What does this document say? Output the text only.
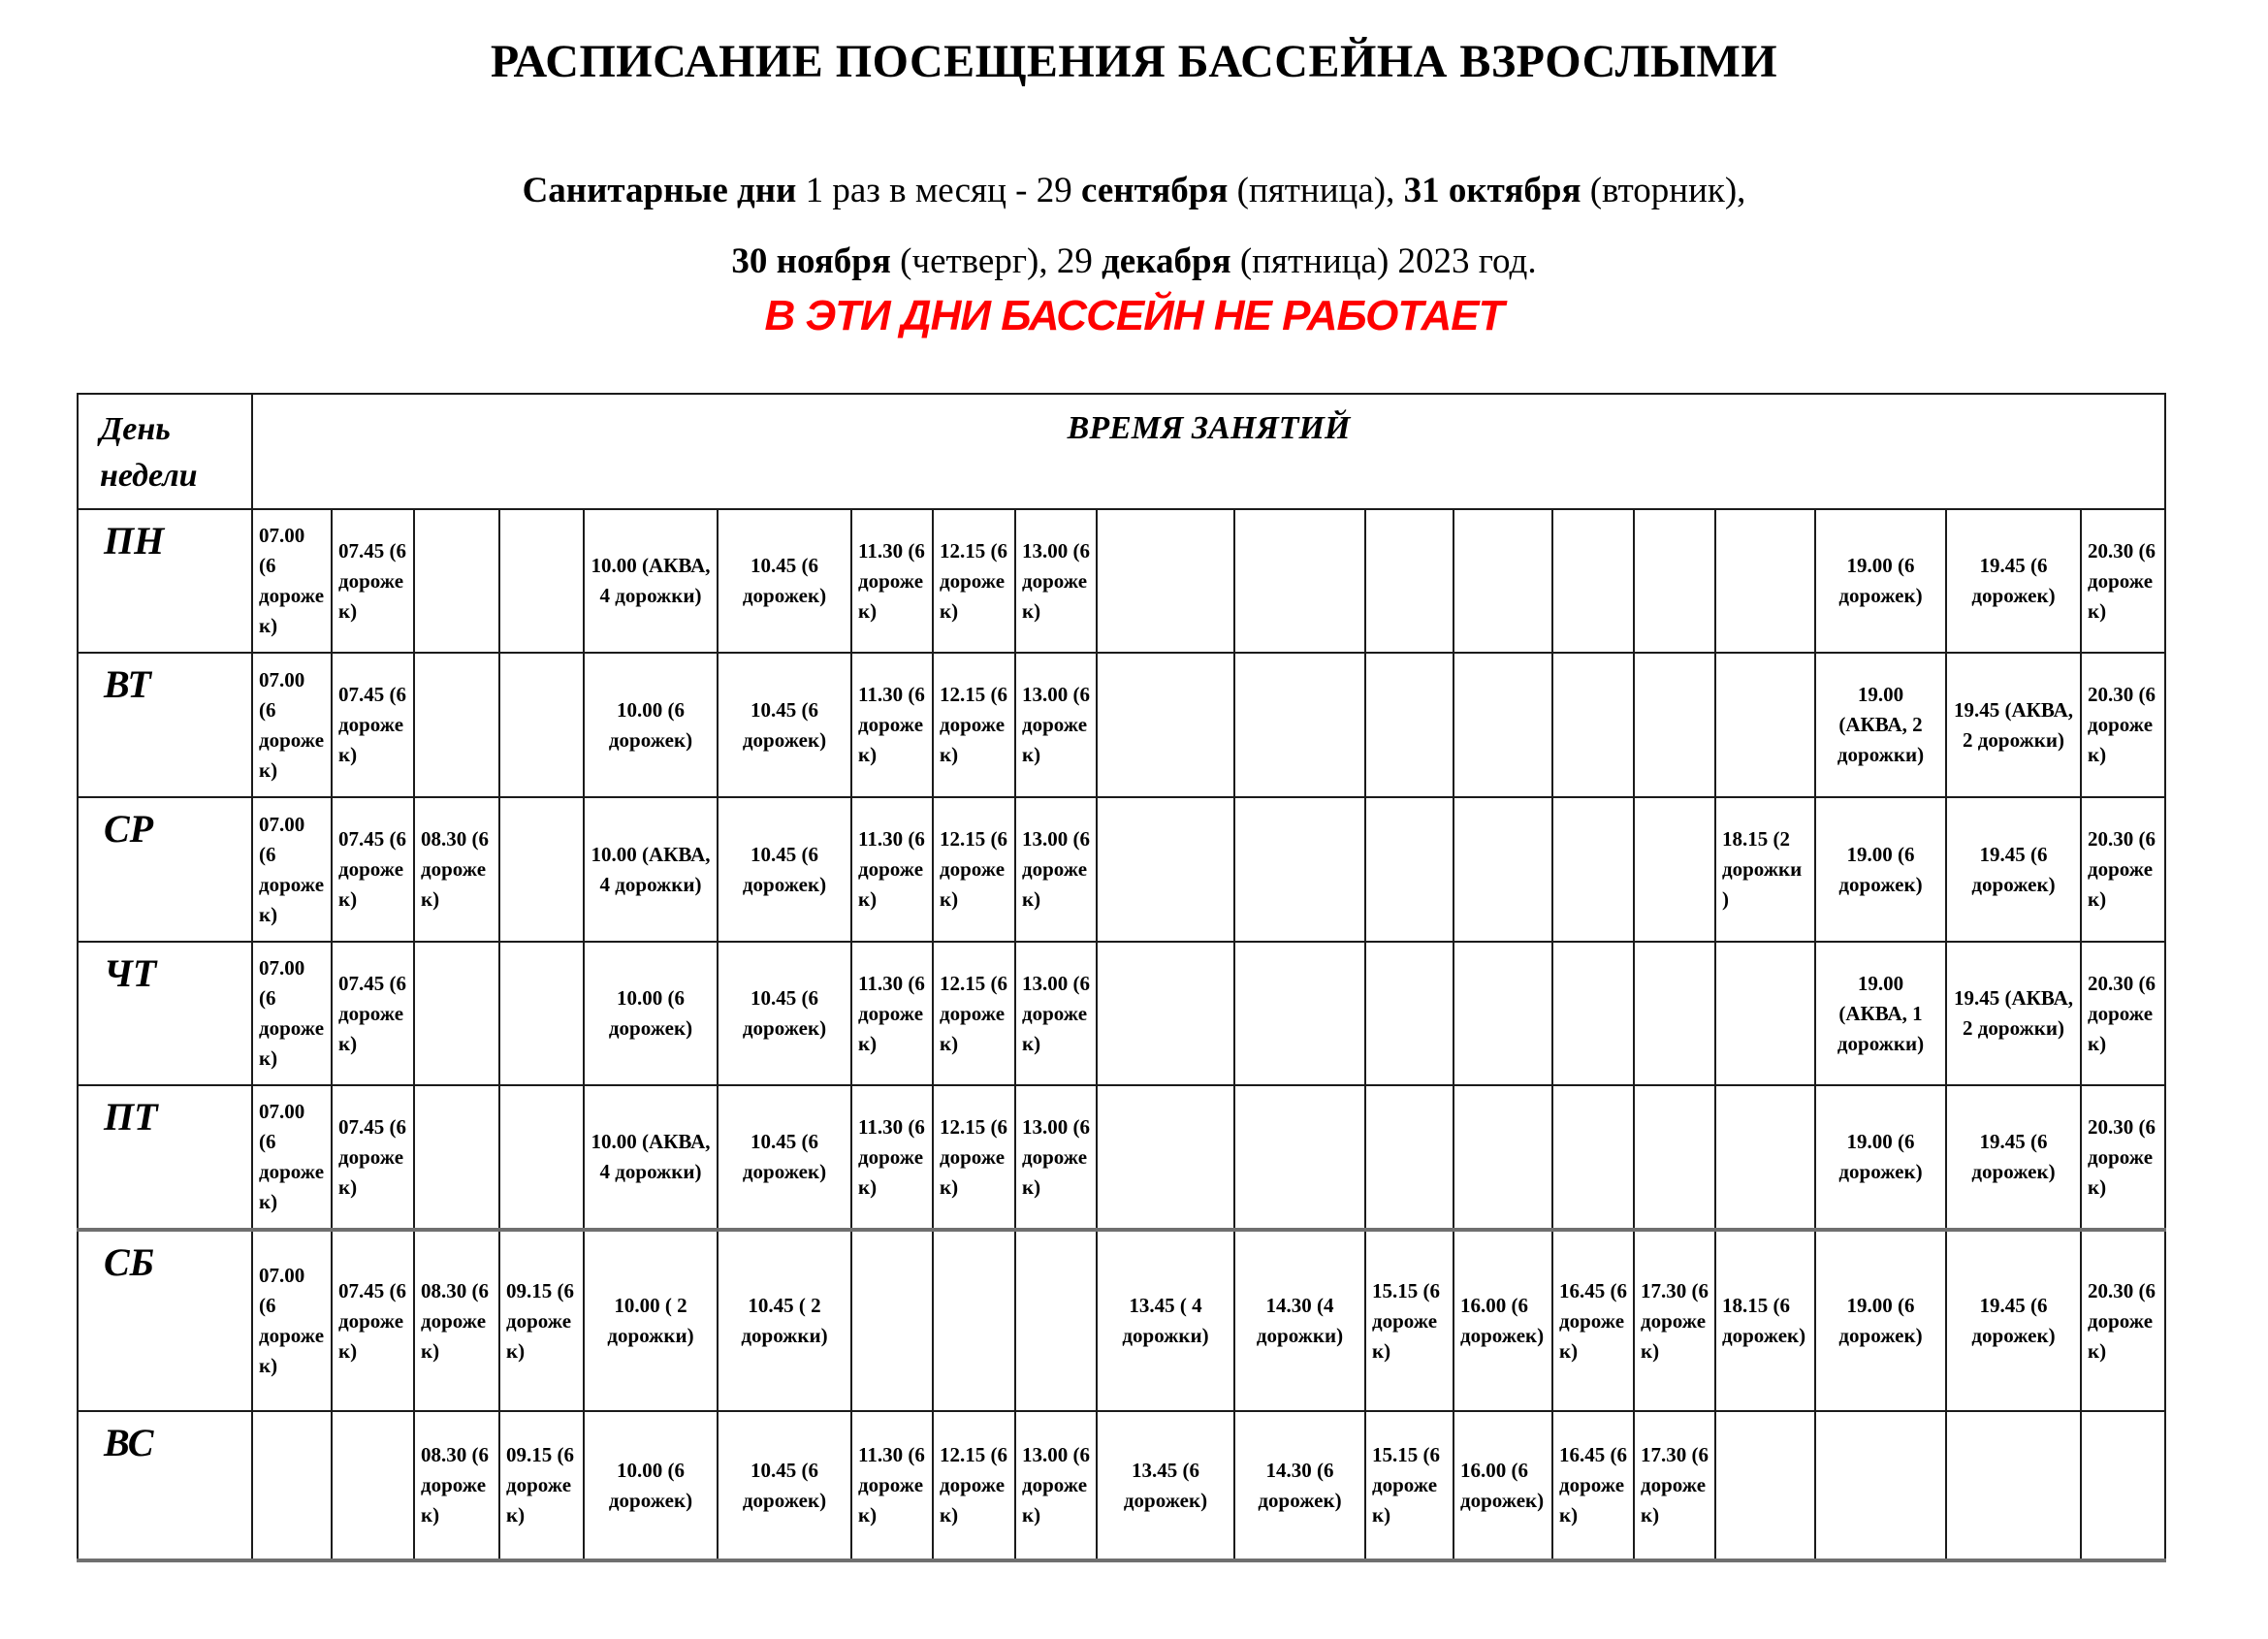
РАСПИСАНИЕ ПОСЕЩЕНИЯ БАССЕЙНА ВЗРОСЛЫМИ

Санитарные дни 1 раз в месяц - 29 сентября (пятница), 31 октября (вторник),

30 ноября (четверг), 29 декабря (пятница) 2023 год.

В ЭТИ ДНИ БАССЕЙН НЕ РАБОТАЕТ

День недели	ВРЕМЯ ЗАНЯТИЙ																		
ПН	07.00 (6 дорожек)	07.45 (6 дорожек)			10.00 (АКВА, 4 дорожки)	10.45 (6 дорожек)	11.30 (6 дорожек)	12.15 (6 дорожек)	13.00 (6 дорожек)								19.00 (6 дорожек)	19.45 (6 дорожек)	20.30 (6 дорожек)
ВТ	07.00 (6 дорожек)	07.45 (6 дорожек)			10.00 (6 дорожек)	10.45 (6 дорожек)	11.30 (6 дорожек)	12.15 (6 дорожек)	13.00 (6 дорожек)								19.00 (АКВА, 2 дорожки)	19.45 (АКВА, 2 дорожки)	20.30 (6 дорожек)
СР	07.00 (6 дорожек)	07.45 (6 дорожек)	08.30 (6 дорожек)		10.00 (АКВА, 4 дорожки)	10.45 (6 дорожек)	11.30 (6 дорожек)	12.15 (6 дорожек)	13.00 (6 дорожек)							18.15 (2 дорожки)	19.00 (6 дорожек)	19.45 (6 дорожек)	20.30 (6 дорожек)
ЧТ	07.00 (6 дорожек)	07.45 (6 дорожек)			10.00 (6 дорожек)	10.45 (6 дорожек)	11.30 (6 дорожек)	12.15 (6 дорожек)	13.00 (6 дорожек)								19.00 (АКВА, 1 дорожки)	19.45 (АКВА, 2 дорожки)	20.30 (6 дорожек)
ПТ	07.00 (6 дорожек)	07.45 (6 дорожек)			10.00 (АКВА, 4 дорожки)	10.45 (6 дорожек)	11.30 (6 дорожек)	12.15 (6 дорожек)	13.00 (6 дорожек)								19.00 (6 дорожек)	19.45 (6 дорожек)	20.30 (6 дорожек)
СБ	07.00 (6 дорожек)	07.45 (6 дорожек)	08.30 (6 дорожек)	09.15 (6 дорожек)	10.00 ( 2 дорожки)	10.45 ( 2 дорожки)				13.45 ( 4 дорожки)	14.30 (4 дорожки)	15.15 (6 дорожек)	16.00 (6 дорожек)	16.45 (6 дорожек)	17.30 (6 дорожек)	18.15 (6 дорожек)	19.00 (6 дорожек)	19.45 (6 дорожек)	20.30 (6 дорожек)
ВС			08.30 (6 дорожек)	09.15 (6 дорожек)	10.00 (6 дорожек)	10.45 (6 дорожек)	11.30 (6 дорожек)	12.15 (6 дорожек)	13.00 (6 дорожек)	13.45 (6 дорожек)	14.30 (6 дорожек)	15.15 (6 дорожек)	16.00 (6 дорожек)	16.45 (6 дорожек)	17.30 (6 дорожек)				
